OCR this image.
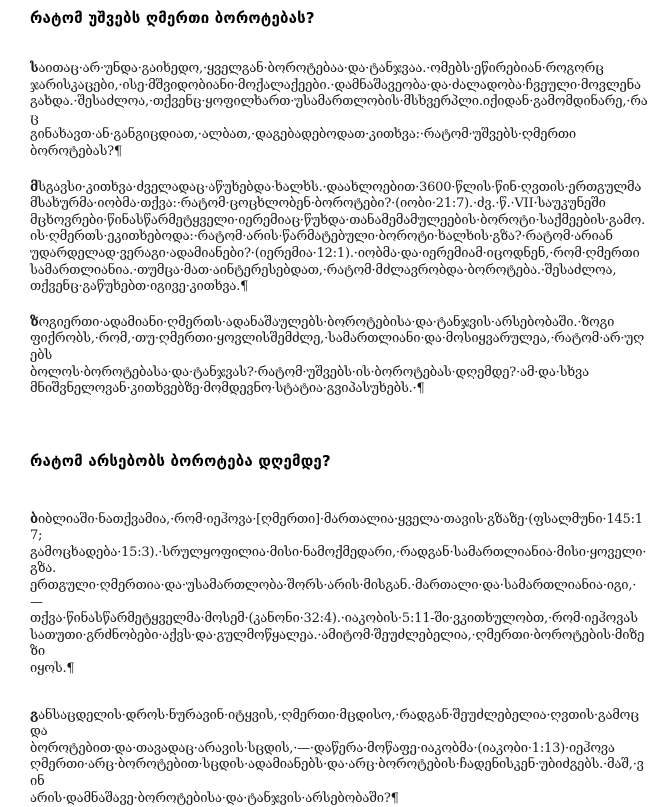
რატომ უშვებს ღმერთი ბოროტებას?

საითაც·არ·უნდა·გაიხედო,·ყველგან·ბოროტებაა·და·ტანჯვაა.·ომებს·ეწირებიან·როგორც
ჯარისკაცები,·ისე·მშვიდობიანი·მოქალაქეები.·დამნაშავეობა·და·ძალადობა·ჩვეული·მოვლენა
გახდა.·შესაძლოა,·თქვენც·ყოფილხართ·უსამართლობის·მსხვერპლი.იქიდან·გამომდინარე,·რაც
გინახავთ·ან·განგიცდიათ,·ალბათ,·დაგებადებოდათ·კითხვა:·რატომ·უშვებს·ღმერთი
ბოროტებას?¶

მსგავსი·კითხვა·ძველადაც·აწუხებდა·ხალხს.·დაახლოებით·3600·წლის·წინ·ღვთის·ერთგულმა
მსახურმა·იობმა·თქვა:·რატომ·ცოცხლობენ·ბოროტები?·(იობი·21:7).·ძვ.·წ.·VII·საუკუნეში
მცხოვრები·წინასწარმეტყველი·იერემიაც·წუხდა·თანამემამულეების·ბოროტი·საქმეების·გამო.
ის·ღმერთს·ეკითხებოდა:·რატომ·არის·წარმატებული·ბოროტი·ხალხის·გზა?·რატომ·არიან
უდარდელად·ვერაგი·ადამიანები?·(იერემია·12:1).·იობმა·და·იერემიამ·იცოდნენ,·რომ·ღმერთი
სამართლიანია.·თუმცა·მათ·აინტერესებდათ,·რატომ·მძლავრობდა·ბოროტება.·შესაძლოა,
თქვენც·გაწუხებთ·იგივე·კითხვა.¶

ზოგიერთი·ადამიანი·ღმერთს·ადანაშაულებს·ბოროტებისა·და·ტანჯვის·არსებობაში.·ზოგი
ფიქრობს,·რომ,·თუ·ღმერთი·ყოვლისშემძლე,·სამართლიანი·და·მოსიყვარულეა,·რატომ·არ·უღებს
ბოლოს·ბოროტებასა·და·ტანჯვას?·რატომ·უშვებს·ის·ბოროტებას·დღემდე?·ამ·და·სხვა
მნიშვნელოვან·კითხვებზე·მომდევნო·სტატია·გვიპასუხებს.·¶

რატომ არსებობს ბოროტება დღემდე?

ბიბლიაში·ნათქვამია,·რომ·იეჰოვა·[ღმერთი]·მართალია·ყველა·თავის·გზაზე·(ფსალმუნი·145:17;
გამოცხადება·15:3).·სრულყოფილია·მისი·ნამოქმედარი,·რადგან·სამართლიანია·მისი·ყოველი·გზა.
ერთგული·ღმერთია·და·უსამართლობა·შორს·არის·მისგან.·მართალი·და·სამართლიანია·იგი,·—
თქვა·წინასწარმეტყველმა·მოსემ·(კანონი·32:4).·იაკობის·5:11-ში·ვკითხულობთ,·რომ·იეჰოვას
სათუთი·გრძნობები·აქვს·და·გულმოწყალეა.·ამიტომ·შეუძლებელია,·ღმერთი·ბოროტების·მიზეზი
იყოს.¶

განსაცდელის·დროს·ნურავინ·იტყვის,·ღმერთი·მცდისო,·რადგან·შეუძლებელია·ღვთის·გამოცდა
ბოროტებით·და·თავადაც·არავის·სცდის,·—·დაწერა·მოწაფე·იაკობმა·(იაკობი·1:13)·იეჰოვა
ღმერთი·არც·ბოროტებით·სცდის·ადამიანებს·და·არც·ბოროტების·ჩადენისკენ·უბიძგებს.·მაშ,·ვინ
არის·დამნაშავე·ბოროტებისა·და·ტანჯვის·არსებობაში?¶
